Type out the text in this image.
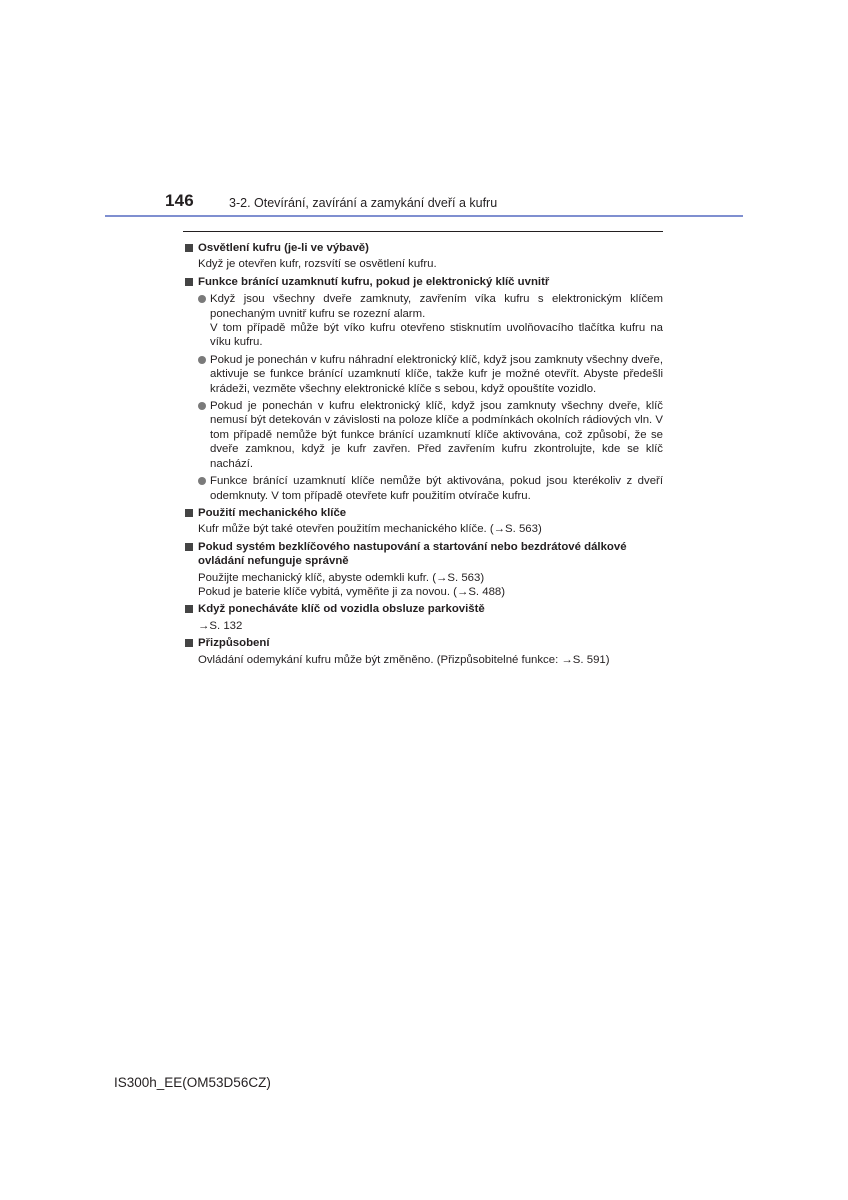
146	3-2. Otevírání, zavírání a zamykání dveří a kufru
Osvětlení kufru (je-li ve výbavě)
Když je otevřen kufr, rozsvítí se osvětlení kufru.
Funkce bránící uzamknutí kufru, pokud je elektronický klíč uvnitř
Když jsou všechny dveře zamknuty, zavřením víka kufru s elektronickým klíčem ponechaným uvnitř kufru se rozezní alarm.
V tom případě může být víko kufru otevřeno stisknutím uvolňovacího tlačítka kufru na víku kufru.
Pokud je ponechán v kufru náhradní elektronický klíč, když jsou zamknuty všechny dveře, aktivuje se funkce bránící uzamknutí klíče, takže kufr je možné otevřít. Abyste předešli krádeži, vezměte všechny elektronické klíče s sebou, když opouštíte vozidlo.
Pokud je ponechán v kufru elektronický klíč, když jsou zamknuty všechny dveře, klíč nemusí být detekován v závislosti na poloze klíče a podmínkách okolních rádiových vln. V tom případě nemůže být funkce bránící uzamknutí klíče aktivována, což způsobí, že se dveře zamknou, když je kufr zavřen. Před zavřením kufru zkontrolujte, kde se klíč nachází.
Funkce bránící uzamknutí klíče nemůže být aktivována, pokud jsou kterékoliv z dveří odemknuty. V tom případě otevřete kufr použitím otvírače kufru.
Použití mechanického klíče
Kufr může být také otevřen použitím mechanického klíče. (→S. 563)
Pokud systém bezklíčového nastupování a startování nebo bezdrátové dálkové ovládání nefunguje správně
Použijte mechanický klíč, abyste odemkli kufr. (→S. 563)
Pokud je baterie klíče vybitá, vyměňte ji za novou. (→S. 488)
Když ponecháváte klíč od vozidla obsluze parkoviště
→S. 132
Přizpůsobení
Ovládání odemykání kufru může být změněno. (Přizpůsobitelné funkce: →S. 591)
IS300h_EE(OM53D56CZ)
